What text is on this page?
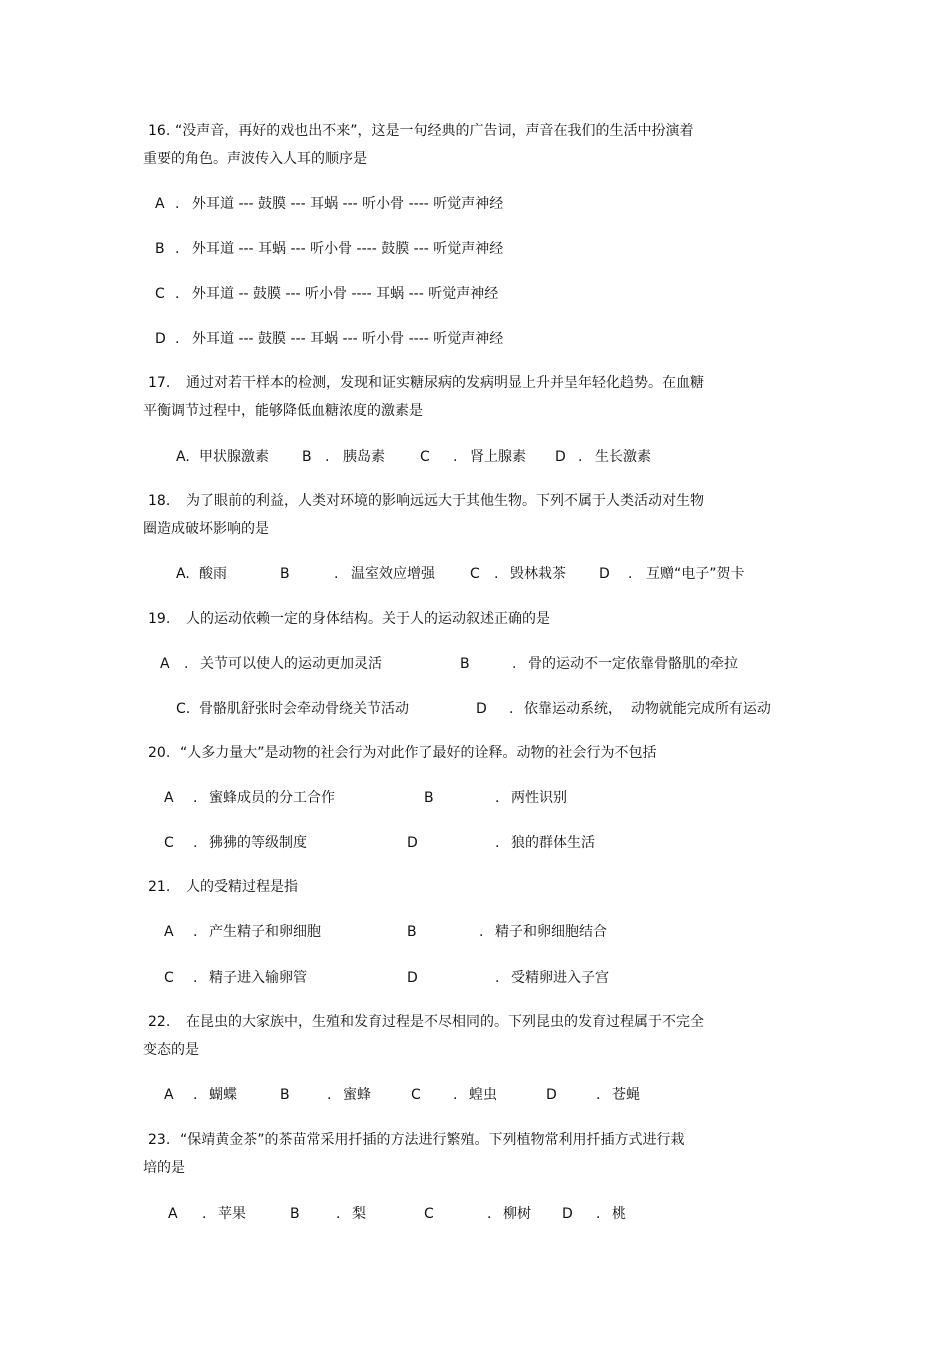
16. “没声音，再好的戏也出不来”，这是一句经典的广告词，声音在我们的生活中扮演着
重要的角色。声波传入人耳的顺序是
A . 外耳道 --- 鼓膜 --- 耳蜗 --- 听小骨 ---- 听觉声神经
B . 外耳道 --- 耳蜗 --- 听小骨 ---- 鼓膜 --- 听觉声神经
C . 外耳道 -- 鼓膜 --- 听小骨 ---- 耳蜗 --- 听觉声神经
D . 外耳道 --- 鼓膜 --- 耳蜗 --- 听小骨 ---- 听觉声神经
17. 通过对若干样本的检测，发现和证实糖尿病的发病明显上升并呈年轻化趋势。在血糖
平衡调节过程中，能够降低血糖浓度的激素是
A. 甲状腺激素 B . 胰岛素	C . 肾上腺素 D . 生长激素
18. 为了眼前的利益，人类对环境的影响远远大于其他生物。下列不属于人类活动对生物
圈造成破坏影响的是
A. 酸雨	B	. 温室效应增强	C . 毁林栽茶 D . 互赠“电子”贺卡
19. 人的运动依赖一定的身体结构。关于人的运动叙述正确的是
A . 关节可以使人的运动更加灵活	B	. 骨的运动不一定依靠骨骼肌的牵拉
C. 骨骼肌舒张时会牵动骨绕关节活动	D . 依靠运动系统，  动物就能完成所有运动
20. “人多力量大”是动物的社会行为对此作了最好的诠释。动物的社会行为不包括
A . 蜜蜂成员的分工合作	B	. 两性识别
C . 狒狒的等级制度	D	. 狼的群体生活
21. 人的受精过程是指
A . 产生精子和卵细胞	B	. 精子和卵细胞结合
C . 精子进入输卵管	D	. 受精卵进入子宫
22. 在昆虫的大家族中，生殖和发育过程是不尽相同的。下列昆虫的发育过程属于不完全
变态的是
A . 蝴蝶	B	. 蜜蜂	C . 蝗虫	D	. 苍蝇
23. “保靖黄金茶”的茶苗常采用扦插的方法进行繁殖。下列植物常利用扦插方式进行栽
培的是
A . 苹果	B	. 梨	C	. 柳树 D . 桃
